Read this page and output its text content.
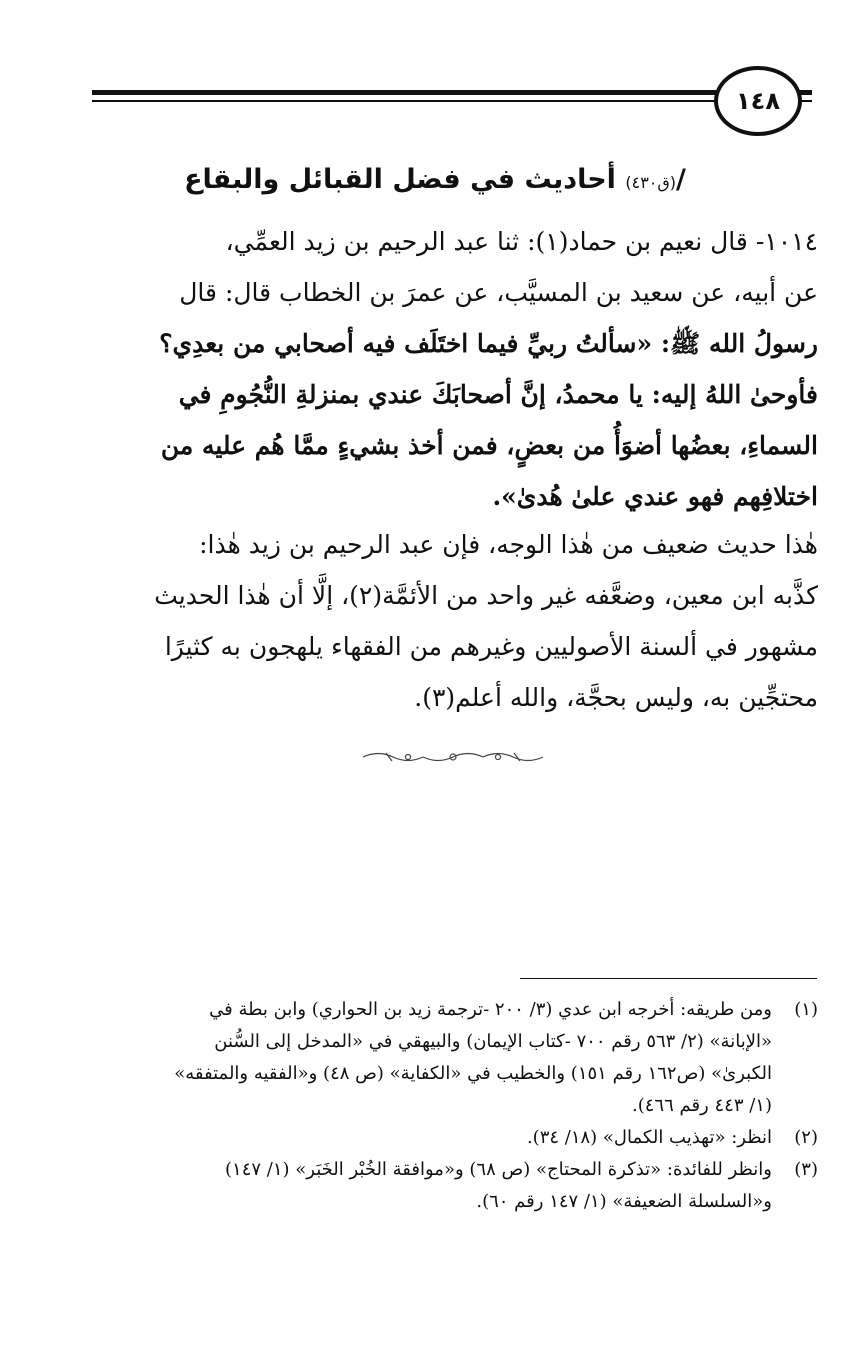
١٤٨
/(ق٤٣٠) أحاديث في فضل القبائل والبقاع
١٠١٤- قال نعيم بن حماد(١): ثنا عبد الرحيم بن زيد العمِّي،
عن أبيه، عن سعيد بن المسيَّب، عن عمرَ بن الخطاب قال: قال
رسولُ الله ﷺ: «سألتُ ربيِّ فيما اختَلَف فيه أصحابي من بعدِي؟
فأوحىٰ اللهُ إليه: يا محمدُ، إنَّ أصحابَكَ عندي بمنزلةِ النُّجُومِ في
السماءِ، بعضُها أضوَأُ من بعضٍ، فمن أخذ بشيءٍ ممَّا هُم عليه من
اختلافِهم فهو عندي علىٰ هُدىٰ».
هٰذا حديث ضعيف من هٰذا الوجه، فإن عبد الرحيم بن زيد هٰذا:
كذَّبه ابن معين، وضعَّفه غير واحد من الأئمَّة(٢)، إلَّا أن هٰذا الحديث
مشهور في ألسنة الأصوليين وغيرهم من الفقهاء يلهجون به كثيرًا
محتجِّين به، وليس بحجَّة، والله أعلم(٣).
(١)
ومن طريقه: أخرجه ابن عدي (٣/ ٢٠٠ -ترجمة زيد بن الحواري) وابن بطة في
«الإبانة» (٢/ ٥٦٣ رقم ٧٠٠ -كتاب الإيمان) والبيهقي في «المدخل إلى السُّنن
الكبرىٰ» (ص١٦٢ رقم ١٥١) والخطيب في «الكفاية» (ص ٤٨) و«الفقيه والمتفقه»
(١/ ٤٤٣ رقم ٤٦٦).
(٢)
انظر: «تهذيب الكمال» (١٨/ ٣٤).
(٣)
وانظر للفائدة: «تذكرة المحتاج» (ص ٦٨) و«موافقة الخُبْر الخَبَر» (١/ ١٤٧)
و«السلسلة الضعيفة» (١/ ١٤٧ رقم ٦٠).
